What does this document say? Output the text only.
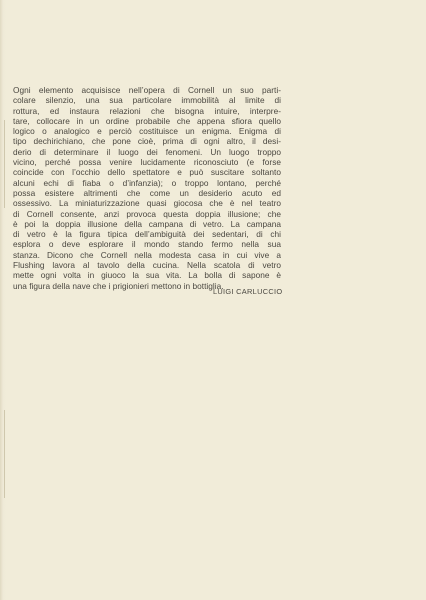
Ogni elemento acquisisce nell’opera di Cornell un suo parti-
colare silenzio, una sua particolare immobilità al limite di
rottura, ed instaura relazioni che bisogna intuire, interpre-
tare, collocare in un ordine probabile che appena sfiora quello
logico o analogico e perciò costituisce un enigma. Enigma di
tipo dechirichiano, che pone cioè, prima di ogni altro, il desi-
derio di determinare il luogo dei fenomeni. Un luogo troppo
vicino, perché possa venire lucidamente riconosciuto (e forse
coincide con l’occhio dello spettatore e può suscitare soltanto
alcuni echi di fiaba o d’infanzia); o troppo lontano, perché
possa esistere altrimenti che come un desiderio acuto ed
ossessivo. La miniaturizzazione quasi giocosa che è nel teatro
di Cornell consente, anzi provoca questa doppia illusione; che
è poi la doppia illusione della campana di vetro. La campana
di vetro è la figura tipica dell’ambiguità dei sedentari, di chi
esplora o deve esplorare il mondo stando fermo nella sua
stanza. Dicono che Cornell nella modesta casa in cui vive a
Flushing lavora al tavolo della cucina. Nella scatola di vetro
mette ogni volta in giuoco la sua vita. La bolla di sapone è
una figura della nave che i prigionieri mettono in bottiglia.
LUIGI CARLUCCIO
